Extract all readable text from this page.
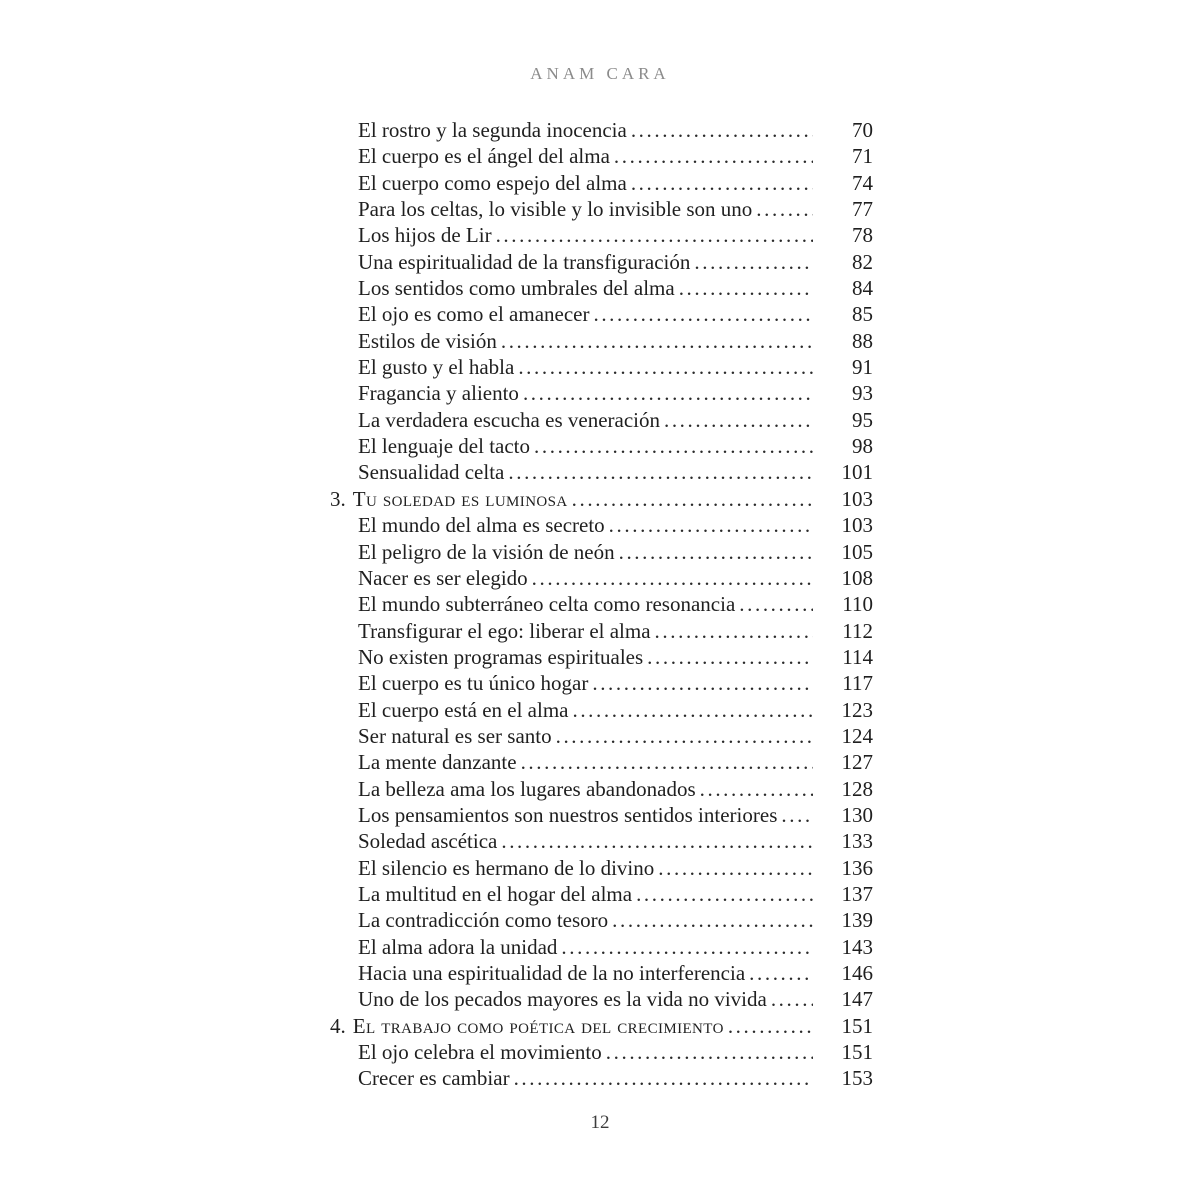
ANAM CARA
El rostro y la segunda inocencia .....	70
El cuerpo es el ángel del alma .....	71
El cuerpo como espejo del alma .....	74
Para los celtas, lo visible y lo invisible son uno .....	77
Los hijos de Lir .....	78
Una espiritualidad de la transfiguración .....	82
Los sentidos como umbrales del alma .....	84
El ojo es como el amanecer .....	85
Estilos de visión .....	88
El gusto y el habla .....	91
Fragancia y aliento .....	93
La verdadera escucha es veneración .....	95
El lenguaje del tacto .....	98
Sensualidad celta .....	101
3. Tu soledad es luminosa .....	103
El mundo del alma es secreto .....	103
El peligro de la visión de neón .....	105
Nacer es ser elegido .....	108
El mundo subterráneo celta como resonancia .....	110
Transfigurar el ego: liberar el alma .....	112
No existen programas espirituales .....	114
El cuerpo es tu único hogar .....	117
El cuerpo está en el alma .....	123
Ser natural es ser santo .....	124
La mente danzante .....	127
La belleza ama los lugares abandonados .....	128
Los pensamientos son nuestros sentidos interiores .....	130
Soledad ascética .....	133
El silencio es hermano de lo divino .....	136
La multitud en el hogar del alma .....	137
La contradicción como tesoro .....	139
El alma adora la unidad .....	143
Hacia una espiritualidad de la no interferencia .....	146
Uno de los pecados mayores es la vida no vivida .....	147
4. El trabajo como poética del crecimiento .....	151
El ojo celebra el movimiento .....	151
Crecer es cambiar .....	153
12
